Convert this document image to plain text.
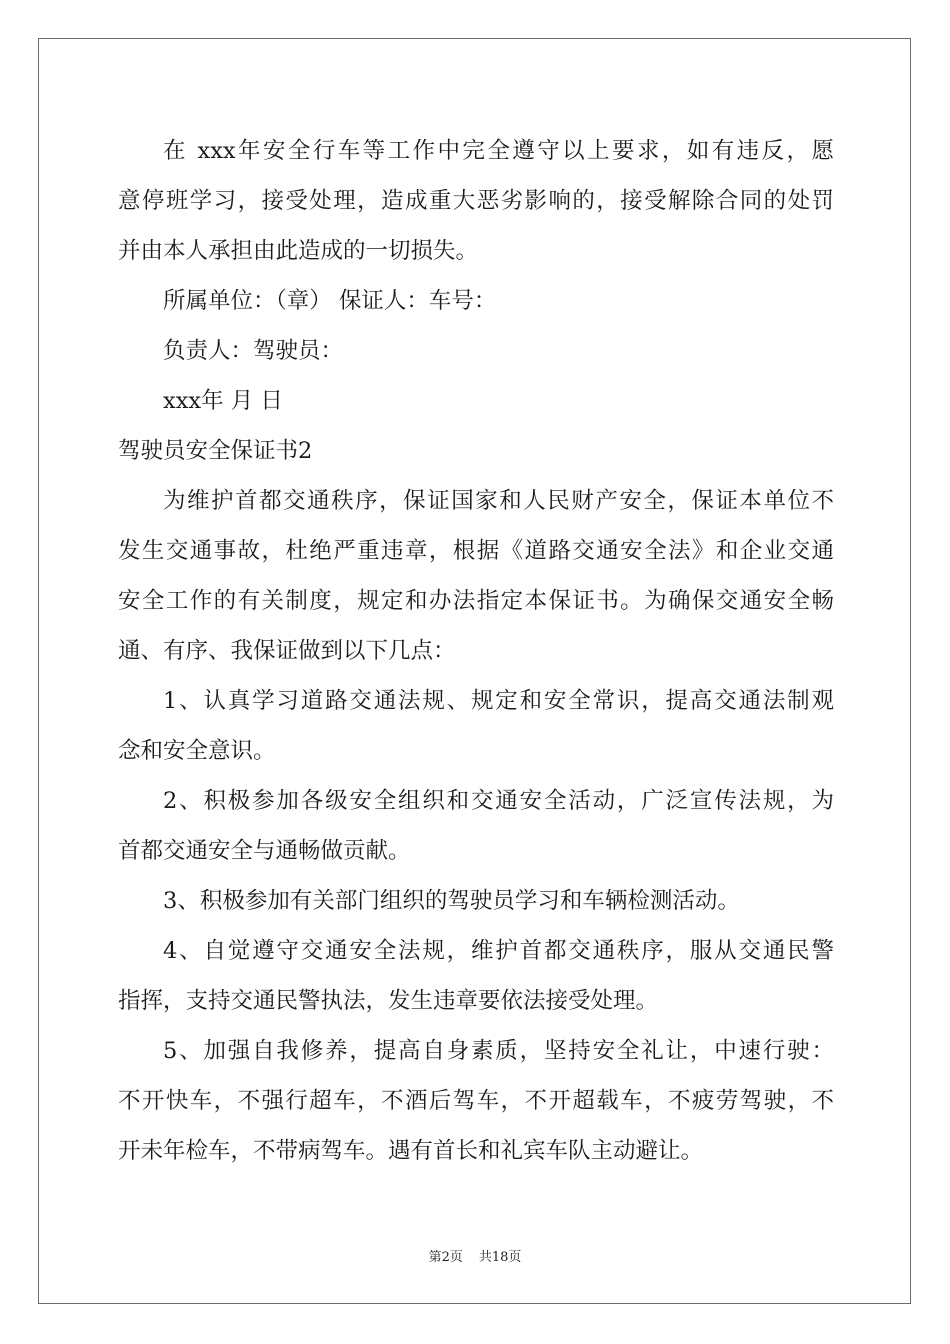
在 xxx年安全行车等工作中完全遵守以上要求，如有违反，愿
意停班学习，接受处理，造成重大恶劣影响的，接受解除合同的处罚
并由本人承担由此造成的一切损失。
所属单位：（章） 保证人：车号：
负责人：驾驶员：
xxx年 月 日
驾驶员安全保证书2
为维护首都交通秩序，保证国家和人民财产安全，保证本单位不
发生交通事故，杜绝严重违章，根据《道路交通安全法》和企业交通
安全工作的有关制度，规定和办法指定本保证书。为确保交通安全畅
通、有序、我保证做到以下几点：
1、认真学习道路交通法规、规定和安全常识，提高交通法制观
念和安全意识。
2、积极参加各级安全组织和交通安全活动，广泛宣传法规，为
首都交通安全与通畅做贡献。
3、积极参加有关部门组织的驾驶员学习和车辆检测活动。
4、自觉遵守交通安全法规，维护首都交通秩序，服从交通民警
指挥，支持交通民警执法，发生违章要依法接受处理。
5、加强自我修养，提高自身素质，坚持安全礼让，中速行驶：
不开快车，不强行超车，不酒后驾车，不开超载车，不疲劳驾驶，不
开未年检车，不带病驾车。遇有首长和礼宾车队主动避让。
第2页 共18页
